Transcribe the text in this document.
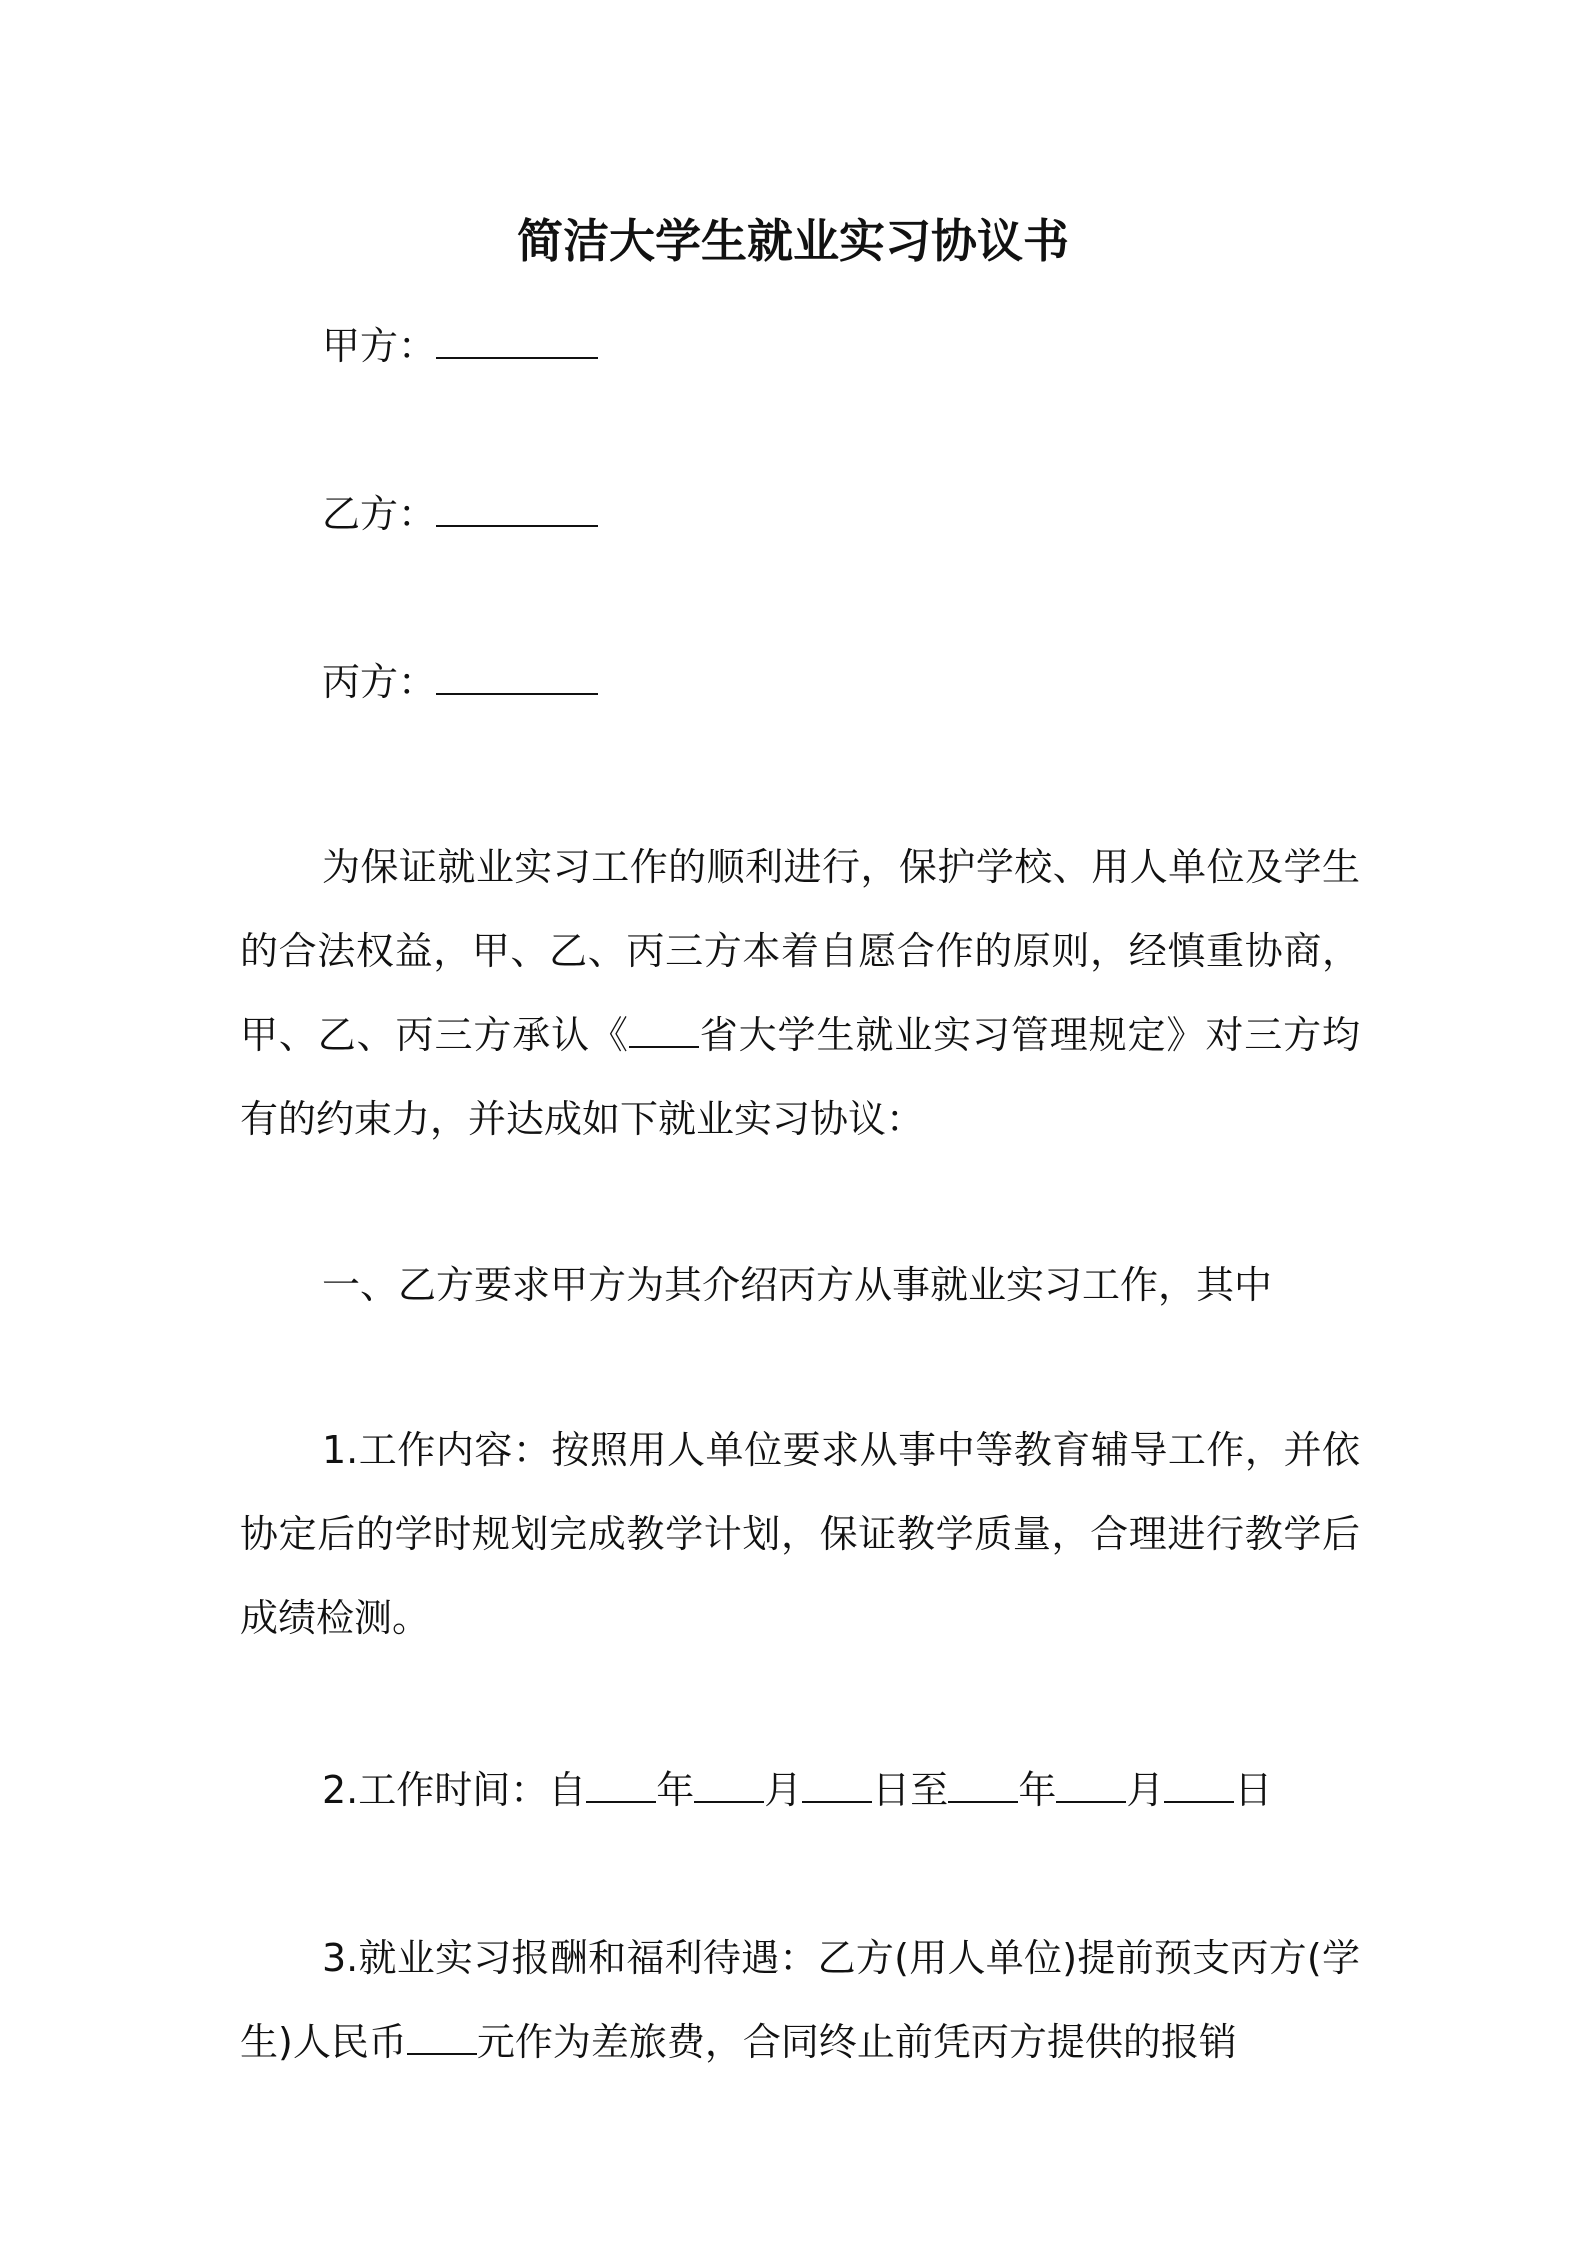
简洁大学生就业实习协议书
甲方：
乙方：
丙方：
为保证就业实习工作的顺利进行，保护学校、用人单位及学生的合法权益，甲、乙、丙三方本着自愿合作的原则，经慎重协商，甲、乙、丙三方承认《 省大学生就业实习管理规定》对三方均有的约束力，并达成如下就业实习协议：
一、乙方要求甲方为其介绍丙方从事就业实习工作，其中
1.工作内容：按照用人单位要求从事中等教育辅导工作，并依协定后的学时规划完成教学计划，保证教学质量，合理进行教学后成绩检测。
2.工作时间：自 年 月 日至 年 月 日
3.就业实习报酬和福利待遇：乙方(用人单位)提前预支丙方(学生)人民币 元作为差旅费，合同终止前凭丙方提供的报销
